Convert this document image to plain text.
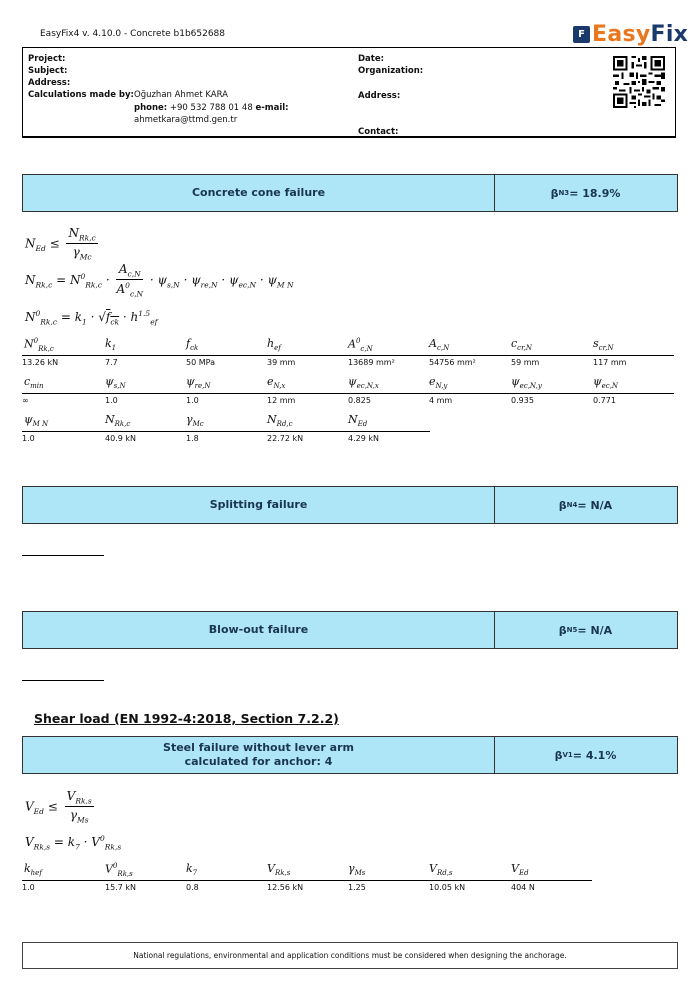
EasyFix4 v. 4.10.0 - Concrete b1b652688	F EasyFix
Project:
Subject:
Address:
Calculations made by: Oğuzhan Ahmet KARA
phone: +90 532 788 01 48 e-mail:
ahmetkara@ttmd.gen.tr
Date:
Organization:
Address:
Contact:
Concrete cone failure	β N3 = 18.9%
$N_{Ed} \le \frac{N_{Rk,c}}{\gamma_{Mc}}$
$N_{Rk,c} = N^0_{Rk,c} \cdot \frac{A_{c,N}}{A^0_{c,N}} \cdot \psi_{s,N} \cdot \psi_{re,N} \cdot \psi_{ec,N} \cdot \psi_{M N}$
$N^0_{Rk,c} = k_1 \cdot √f_{ck} \cdot h^{1.5}_{ef}$
$N^0_{Rk,c}$	$k_1$	$f_{ck}$	$h_{ef}$	$A^0_{c,N}$	$A_{c,N}$	$c_{cr,N}$	$s_{cr,N}$
13.26 kN	7.7	50 MPa	39 mm	13689 mm²	54756 mm²	59 mm	117 mm
$c_{min}$	$\psi_{s,N}$	$\psi_{re,N}$	$e_{N,x}$	$\psi_{ec,N,x}$	$e_{N,y}$	$\psi_{ec,N,y}$	$\psi_{ec,N}$
∞	1.0	1.0	12 mm	0.825	4 mm	0.935	0.771
$\psi_{M N}$	$N_{Rk,c}$	$\gamma_{Mc}$	$N_{Rd,c}$	$N_{Ed}$
1.0	40.9 kN	1.8	22.72 kN	4.29 kN
Splitting failure	β N4 = N/A
Blow-out failure	β N5 = N/A
Shear load (EN 1992-4:2018, Section 7.2.2)
Steel failure without lever arm
calculated for anchor: 4	β V1 = 4.1%
$V_{Ed} \le \frac{V_{Rk,s}}{\gamma_{Ms}}$
$V_{Rk,s} = k_7 \cdot V^0_{Rk,s}$
$k_{hef}$	$V^0_{Rk,s}$	$k_7$	$V_{Rk,s}$	$\gamma_{Ms}$	$V_{Rd,s}$	$V_{Ed}$
1.0	15.7 kN	0.8	12.56 kN	1.25	10.05 kN	404 N
National regulations, environmental and application conditions must be considered when designing the anchorage.
